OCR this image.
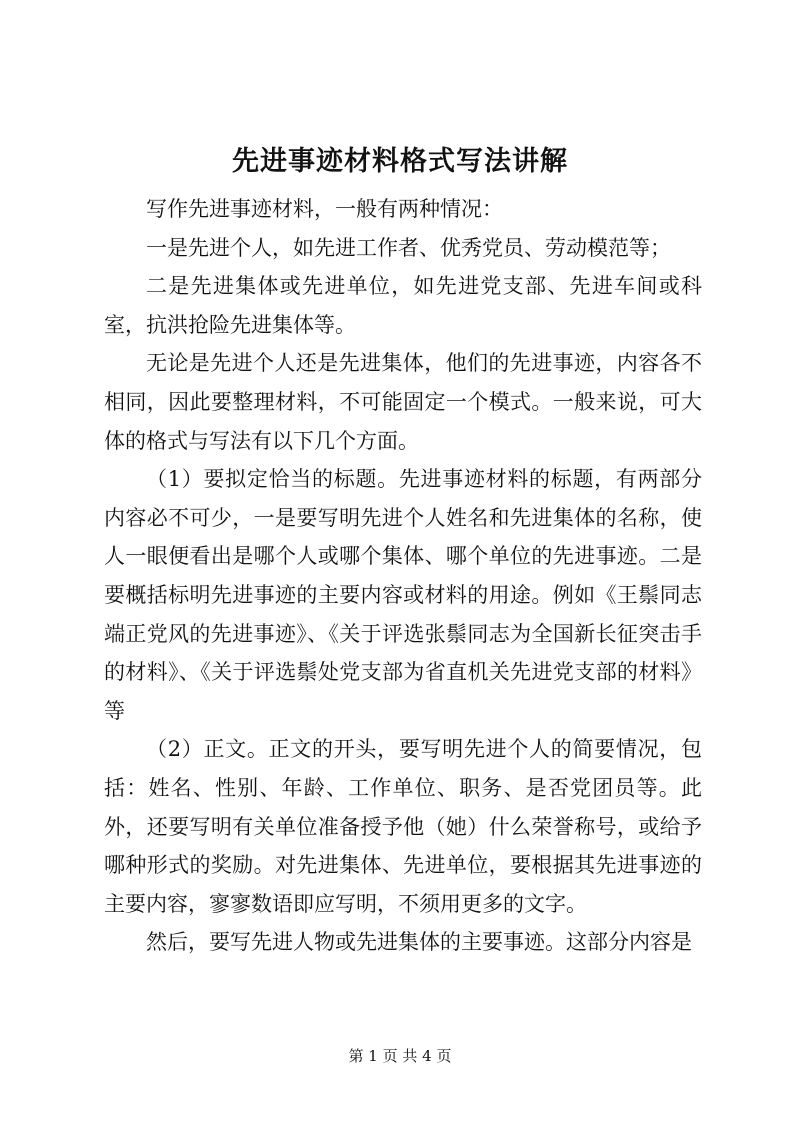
先进事迹材料格式写法讲解

写作先进事迹材料，一般有两种情况：

一是先进个人，如先进工作者、优秀党员、劳动模范等；

二是先进集体或先进单位，如先进党支部、先进车间或科室，抗洪抢险先进集体等。

无论是先进个人还是先进集体，他们的先进事迹，内容各不相同，因此要整理材料，不可能固定一个模式。一般来说，可大体的格式与写法有以下几个方面。

（1）要拟定恰当的标题。先进事迹材料的标题，有两部分内容必不可少，一是要写明先进个人姓名和先进集体的名称，使人一眼便看出是哪个人或哪个集体、哪个单位的先进事迹。二是要概括标明先进事迹的主要内容或材料的用途。例如《王鬃同志端正党风的先进事迹》、《关于评选张鬃同志为全国新长征突击手的材料》、《关于评选鬃处党支部为省直机关先进党支部的材料》等

（2）正文。正文的开头，要写明先进个人的简要情况，包括：姓名、性别、年龄、工作单位、职务、是否党团员等。此外，还要写明有关单位准备授予他（她）什么荣誉称号，或给予哪种形式的奖励。对先进集体、先进单位，要根据其先进事迹的主要内容，寥寥数语即应写明，不须用更多的文字。

然后，要写先进人物或先进集体的主要事迹。这部分内容是

第 1 页 共 4 页
